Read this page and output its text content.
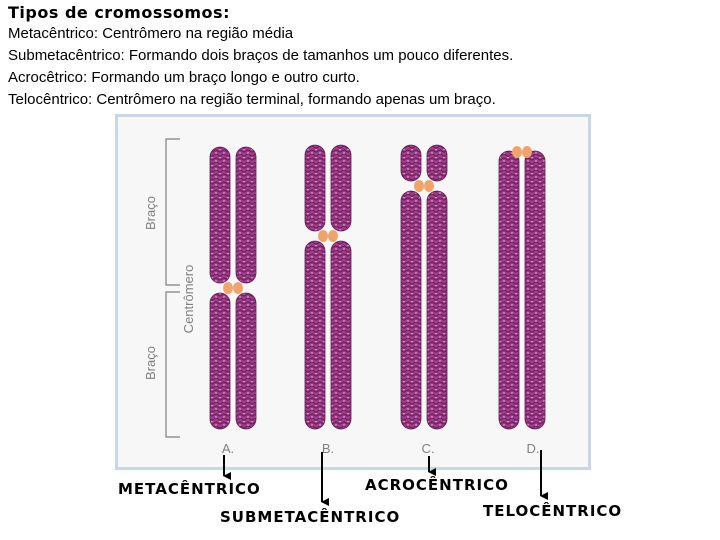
Tipos de cromossomos:
Metacêntrico: Centrômero na região média
Submetacêntrico: Formando dois braços de tamanhos um pouco diferentes.
Acrocêtrico: Formando um braço longo e outro curto.
Telocêntrico: Centrômero na região terminal, formando apenas um braço.
Braço
Centrômero
Braço
A.	B.	C.	D.
METACÊNTRICO
SUBMETACÊNTRICO
ACROCÊNTRICO
TELOCÊNTRICO
